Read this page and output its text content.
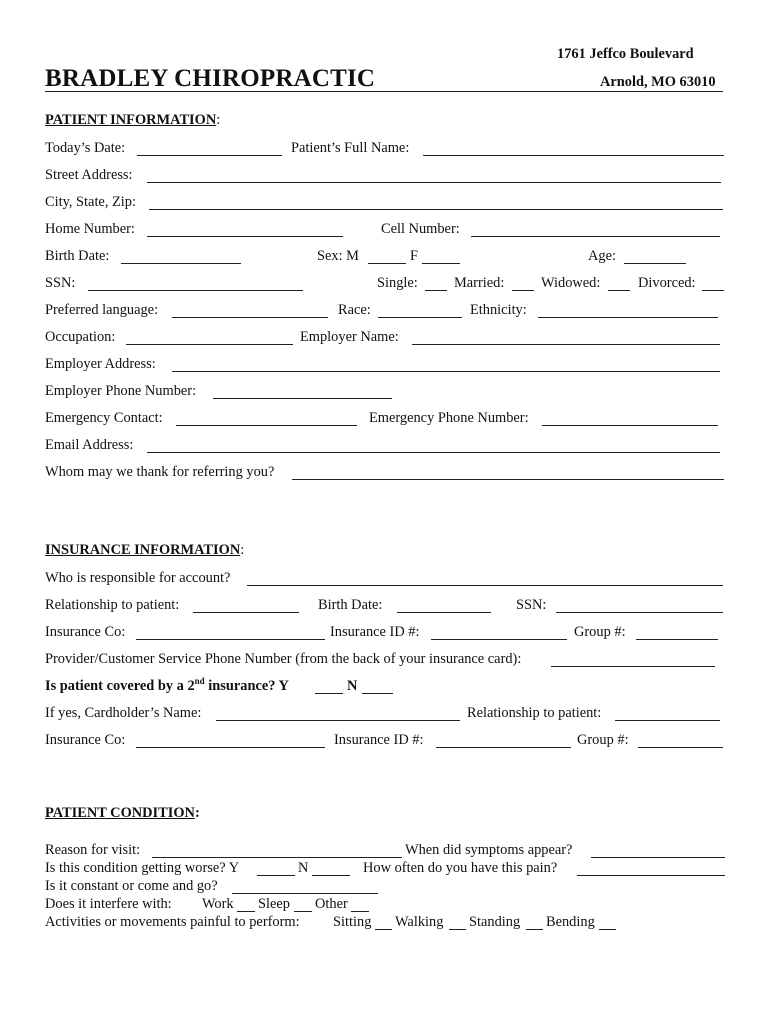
1761 Jeffco Boulevard
BRADLEY CHIROPRACTIC	Arnold, MO 63010
PATIENT INFORMATION:
Today’s Date:	Patient’s Full Name:
Street Address:
City, State, Zip:
Home Number:	Cell Number:
Birth Date:	Sex: M	F	Age:
SSN:	Single:	Married:	Widowed:	Divorced:
Preferred language:	Race:	Ethnicity:
Occupation:	Employer Name:
Employer Address:
Employer Phone Number:
Emergency Contact:	Emergency Phone Number:
Email Address:
Whom may we thank for referring you?
INSURANCE INFORMATION:
Who is responsible for account?
Relationship to patient:	Birth Date:	SSN:
Insurance Co:	Insurance ID #:	Group #:
Provider/Customer Service Phone Number (from the back of your insurance card):
Is patient covered by a 2nd insurance? Y	N
If yes, Cardholder’s Name:	Relationship to patient:
Insurance Co:	Insurance ID #:	Group #:
PATIENT CONDITION:
Reason for visit:	When did symptoms appear?
Is this condition getting worse? Y	N	How often do you have this pain?
Is it constant or come and go?
Does it interfere with: Work Sleep Other
Activities or movements painful to perform: Sitting Walking Standing Bending
